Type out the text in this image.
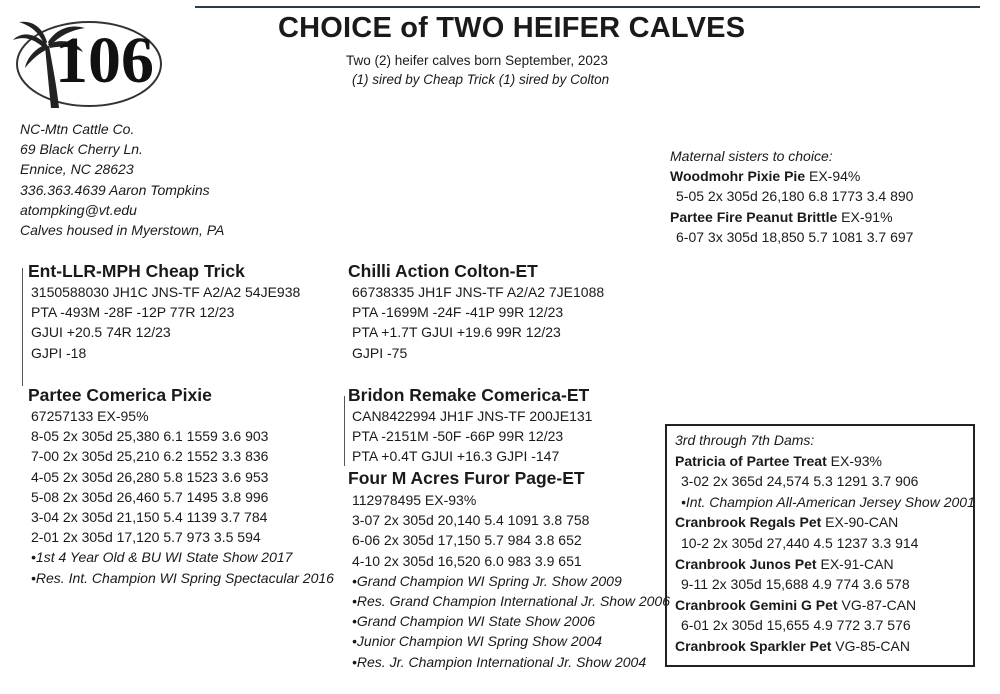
106	CHOICE of TWO HEIFER CALVES
Two (2) heifer calves born September, 2023
(1) sired by Cheap Trick (1) sired by Colton
NC-Mtn Cattle Co.
69 Black Cherry Ln.
Ennice, NC 28623
336.363.4639 Aaron Tompkins
atompking@vt.edu
Calves housed in Myerstown, PA
Maternal sisters to choice:
Woodmohr Pixie Pie EX-94%
5-05 2x 305d 26,180 6.8 1773 3.4 890
Partee Fire Peanut Brittle EX-91%
6-07 3x 305d 18,850 5.7 1081 3.7 697
Ent-LLR-MPH Cheap Trick
3150588030 JH1C JNS-TF A2/A2 54JE938
PTA -493M -28F -12P 77R 12/23
GJUI +20.5 74R 12/23
GJPI -18
Chilli Action Colton-ET
66738335 JH1F JNS-TF A2/A2 7JE1088
PTA -1699M -24F -41P 99R 12/23
PTA +1.7T GJUI +19.6 99R 12/23
GJPI -75
Partee Comerica Pixie
67257133 EX-95%
8-05 2x 305d 25,380 6.1 1559 3.6 903
7-00 2x 305d 25,210 6.2 1552 3.3 836
4-05 2x 305d 26,280 5.8 1523 3.6 953
5-08 2x 305d 26,460 5.7 1495 3.8 996
3-04 2x 305d 21,150 5.4 1139 3.7 784
2-01 2x 305d 17,120 5.7 973 3.5 594
•1st 4 Year Old & BU WI State Show 2017
•Res. Int. Champion WI Spring Spectacular 2016
Bridon Remake Comerica-ET
CAN8422994 JH1F JNS-TF 200JE131
PTA -2151M -50F -66P 99R 12/23
PTA +0.4T GJUI +16.3 GJPI -147
Four M Acres Furor Page-ET
112978495 EX-93%
3-07 2x 305d 20,140 5.4 1091 3.8 758
6-06 2x 305d 17,150 5.7 984 3.8 652
4-10 2x 305d 16,520 6.0 983 3.9 651
•Grand Champion WI Spring Jr. Show 2009
•Res. Grand Champion International Jr. Show 2006
•Grand Champion WI State Show 2006
•Junior Champion WI Spring Show 2004
•Res. Jr. Champion International Jr. Show 2004
3rd through 7th Dams:
Patricia of Partee Treat EX-93%
3-02 2x 365d 24,574 5.3 1291 3.7 906
•Int. Champion All-American Jersey Show 2001
Cranbrook Regals Pet EX-90-CAN
10-2 2x 305d 27,440 4.5 1237 3.3 914
Cranbrook Junos Pet EX-91-CAN
9-11 2x 305d 15,688 4.9 774 3.6 578
Cranbrook Gemini G Pet VG-87-CAN
6-01 2x 305d 15,655 4.9 772 3.7 576
Cranbrook Sparkler Pet VG-85-CAN
